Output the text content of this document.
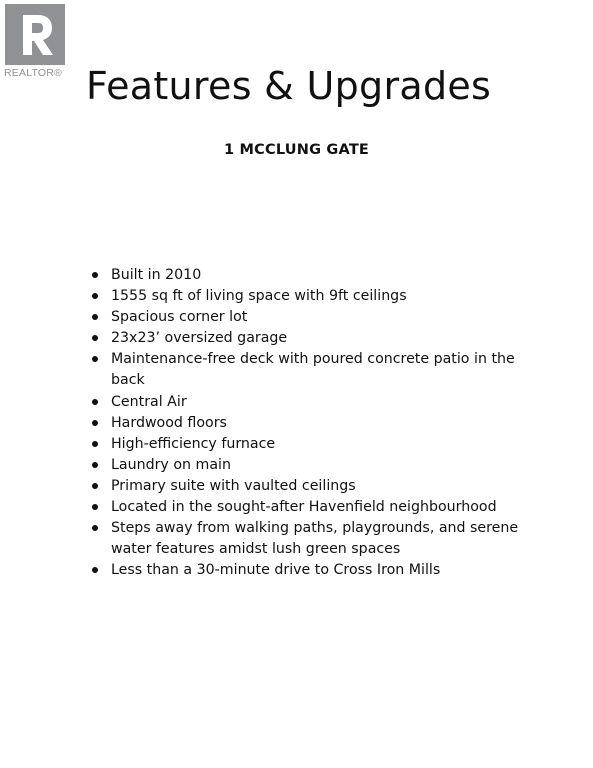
REALTOR® Features & Upgrades
1 MCCLUNG GATE
Built in 2010
1555 sq ft of living space with 9ft ceilings
Spacious corner lot
23x23’ oversized garage
Maintenance-free deck with poured concrete patio in the back
Central Air
Hardwood floors
High-efficiency furnace
Laundry on main
Primary suite with vaulted ceilings
Located in the sought-after Havenfield neighbourhood
Steps away from walking paths, playgrounds, and serene water features amidst lush green spaces
Less than a 30-minute drive to Cross Iron Mills
